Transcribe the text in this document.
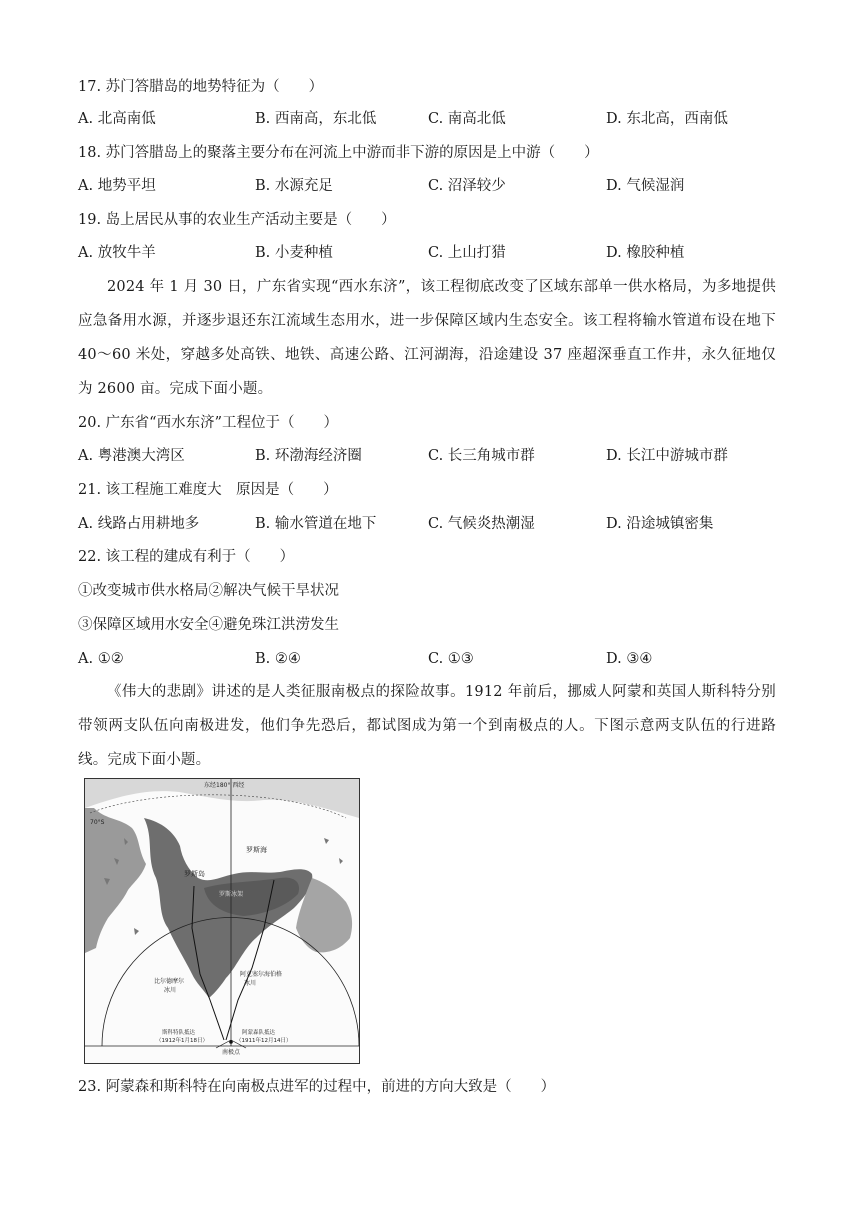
17. 苏门答腊岛的地势特征为（　　）
A. 北高南低	B. 西南高，东北低	C. 南高北低	D. 东北高，西南低
18. 苏门答腊岛上的聚落主要分布在河流上中游而非下游的原因是上中游（　　）
A. 地势平坦	B. 水源充足	C. 沼泽较少	D. 气候湿润
19. 岛上居民从事的农业生产活动主要是（　　）
A. 放牧牛羊	B. 小麦种植	C. 上山打猎	D. 橡胶种植
2024 年 1 月 30 日，广东省实现“西水东济”，该工程彻底改变了区域东部单一供水格局，为多地提供应急备用水源，并逐步退还东江流域生态用水，进一步保障区域内生态安全。该工程将输水管道布设在地下 40～60 米处，穿越多处高铁、地铁、高速公路、江河湖海，沿途建设 37 座超深垂直工作井，永久征地仅为 2600 亩。完成下面小题。
20. 广东省“西水东济”工程位于（　　）
A. 粤港澳大湾区	B. 环渤海经济圈	C. 长三角城市群	D. 长江中游城市群
21. 该工程施工难度大　原因是（　　）
A. 线路占用耕地多	B. 输水管道在地下	C. 气候炎热潮湿	D. 沿途城镇密集
22. 该工程的建成有利于（　　）
①改变城市供水格局②解决气候干旱状况
③保障区域用水安全④避免珠江洪涝发生
A. ①②	B. ②④	C. ①③	D. ③④
《伟大的悲剧》讲述的是人类征服南极点的探险故事。1912 年前后，挪威人阿蒙和英国人斯科特分别带领两支队伍向南极进发，他们争先恐后，都试图成为第一个到南极点的人。下图示意两支队伍的行进路线。完成下面小题。
东经180° 西经
70°S
罗斯海
罗斯岛
罗斯冰架
比尔德摩尔
冰川
阿克塞尔海伯格
冰川
斯科特队抵达
（1912年1月18日）
阿蒙森队抵达
（1911年12月14日）
南极点
23. 阿蒙森和斯科特在向南极点进军的过程中，前进的方向大致是（　　）
